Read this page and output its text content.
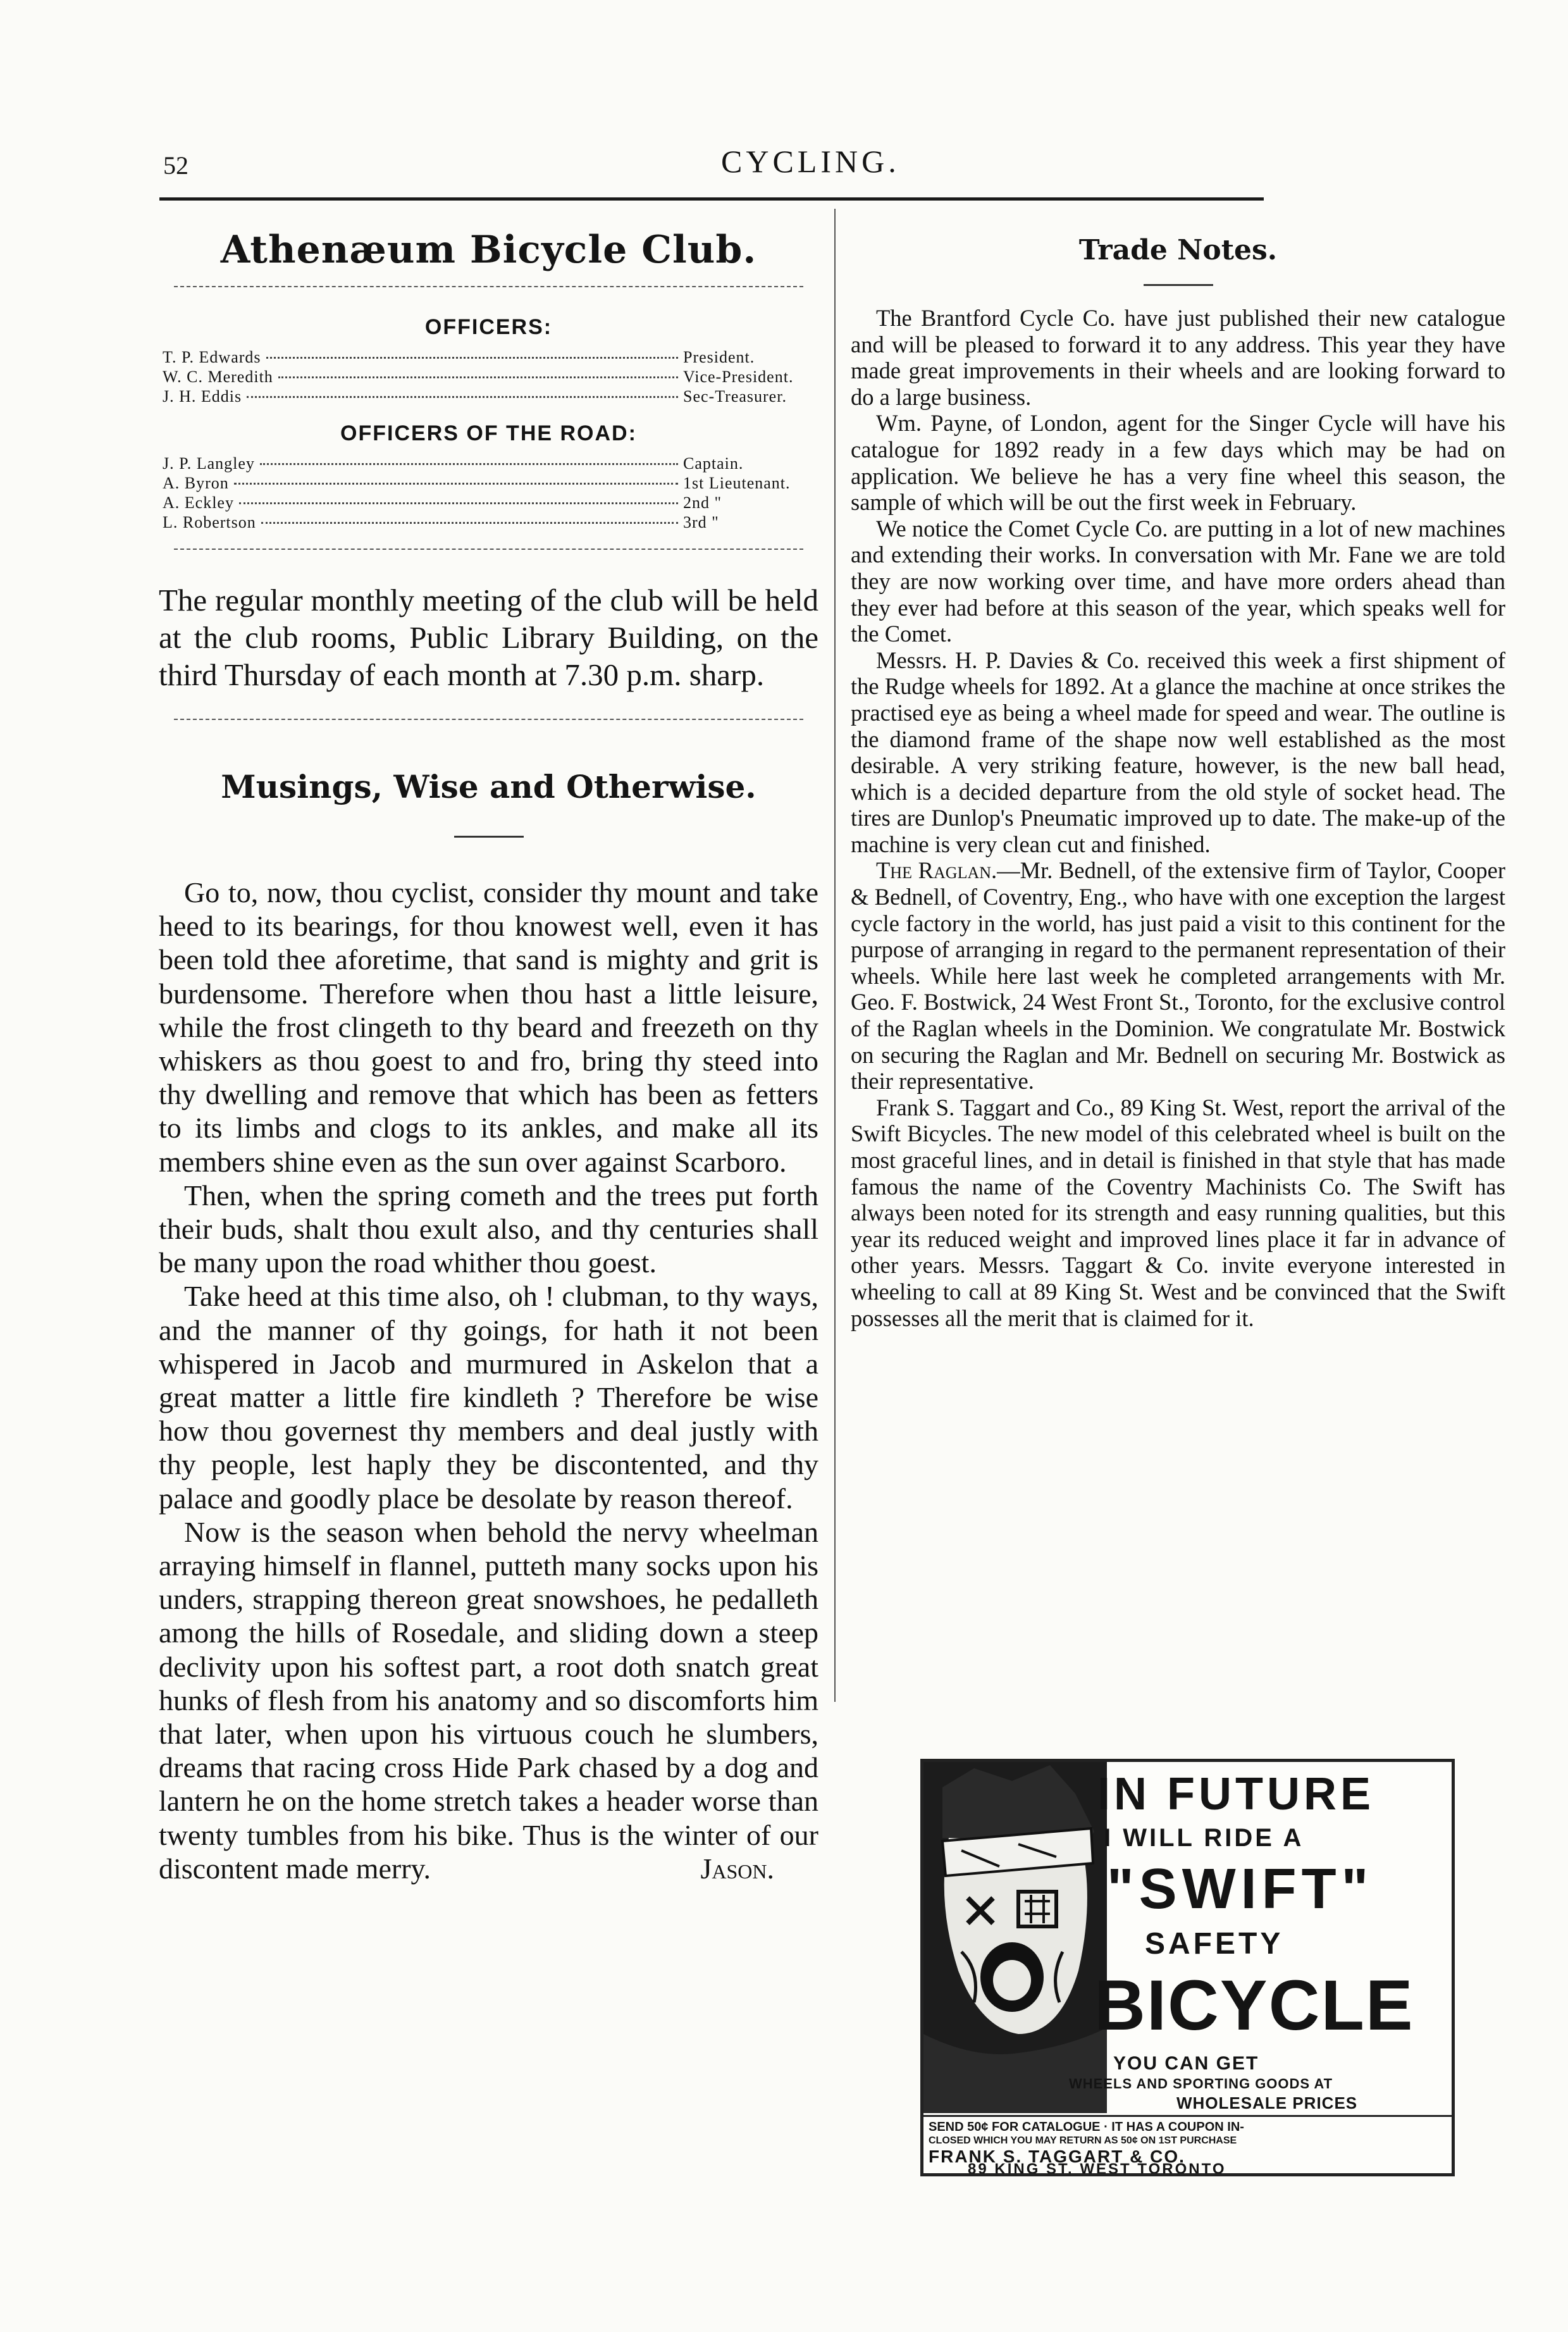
52	CYCLING.
Athenæum Bicycle Club.
OFFICERS:
T. P. Edwards	President.
W. C. Meredith	Vice-President.
J. H. Eddis	Sec-Treasurer.
OFFICERS OF THE ROAD:
J. P. Langley	Captain.
A. Byron	1st Lieutenant.
A. Eckley	2nd "
L. Robertson	3rd "

The regular monthly meeting of the club will be held at the club rooms, Public Library Building, on the third Thursday of each month at 7.30 p.m. sharp.

Musings, Wise and Otherwise.

Go to, now, thou cyclist, consider thy mount and take heed to its bearings, for thou knowest well, even it has been told thee aforetime, that sand is mighty and grit is burdensome. Therefore when thou hast a little leisure, while the frost clingeth to thy beard and freezeth on thy whiskers as thou goest to and fro, bring thy steed into thy dwelling and remove that which has been as fetters to its limbs and clogs to its ankles, and make all its members shine even as the sun over against Scarboro.

Then, when the spring cometh and the trees put forth their buds, shalt thou exult also, and thy centuries shall be many upon the road whither thou goest.

Take heed at this time also, oh ! clubman, to thy ways, and the manner of thy goings, for hath it not been whispered in Jacob and murmured in Askelon that a great matter a little fire kindleth ? Therefore be wise how thou governest thy members and deal justly with thy people, lest haply they be discontented, and thy palace and goodly place be desolate by reason thereof.

Now is the season when behold the nervy wheelman arraying himself in flannel, putteth many socks upon his unders, strapping thereon great snowshoes, he pedalleth among the hills of Rosedale, and sliding down a steep declivity upon his softest part, a root doth snatch great hunks of flesh from his anatomy and so discomforts him that later, when upon his virtuous couch he slumbers, dreams that racing cross Hide Park chased by a dog and lantern he on the home stretch takes a header worse than twenty tumbles from his bike. Thus is the winter of our discontent made merry.	Jason.

Trade Notes.

The Brantford Cycle Co. have just published their new catalogue and will be pleased to forward it to any address. This year they have made great improvements in their wheels and are looking forward to do a large business.

Wm. Payne, of London, agent for the Singer Cycle will have his catalogue for 1892 ready in a few days which may be had on application. We believe he has a very fine wheel this season, the sample of which will be out the first week in February.

We notice the Comet Cycle Co. are putting in a lot of new machines and extending their works. In conversation with Mr. Fane we are told they are now working over time, and have more orders ahead than they ever had before at this season of the year, which speaks well for the Comet.

Messrs. H. P. Davies & Co. received this week a first shipment of the Rudge wheels for 1892. At a glance the machine at once strikes the practised eye as being a wheel made for speed and wear. The outline is the diamond frame of the shape now well established as the most desirable. A very striking feature, however, is the new ball head, which is a decided departure from the old style of socket head. The tires are Dunlop's Pneumatic improved up to date. The make-up of the machine is very clean cut and finished.

The Raglan.—Mr. Bednell, of the extensive firm of Taylor, Cooper & Bednell, of Coventry, Eng., who have with one exception the largest cycle factory in the world, has just paid a visit to this continent for the purpose of arranging in regard to the permanent representation of their wheels. While here last week he completed arrangements with Mr. Geo. F. Bostwick, 24 West Front St., Toronto, for the exclusive control of the Raglan wheels in the Dominion. We congratulate Mr. Bostwick on securing the Raglan and Mr. Bednell on securing Mr. Bostwick as their representative.

Frank S. Taggart and Co., 89 King St. West, report the arrival of the Swift Bicycles. The new model of this celebrated wheel is built on the most graceful lines, and in detail is finished in that style that has made famous the name of the Coventry Machinists Co. The Swift has always been noted for its strength and easy running qualities, but this year its reduced weight and improved lines place it far in advance of other years. Messrs. Taggart & Co. invite everyone interested in wheeling to call at 89 King St. West and be convinced that the Swift possesses all the merit that is claimed for it.

IN FUTURE
I WILL RIDE A
"SWIFT"
SAFETY
BICYCLE
YOU CAN GET
WHEELS AND SPORTING GOODS AT
WHOLESALE PRICES
SEND 50¢ FOR CATALOGUE · IT HAS A COUPON IN-
CLOSED WHICH YOU MAY RETURN AS 50¢ ON 1ST PURCHASE
FRANK S. TAGGART & CO.
89 KING ST. WEST TORONTO
